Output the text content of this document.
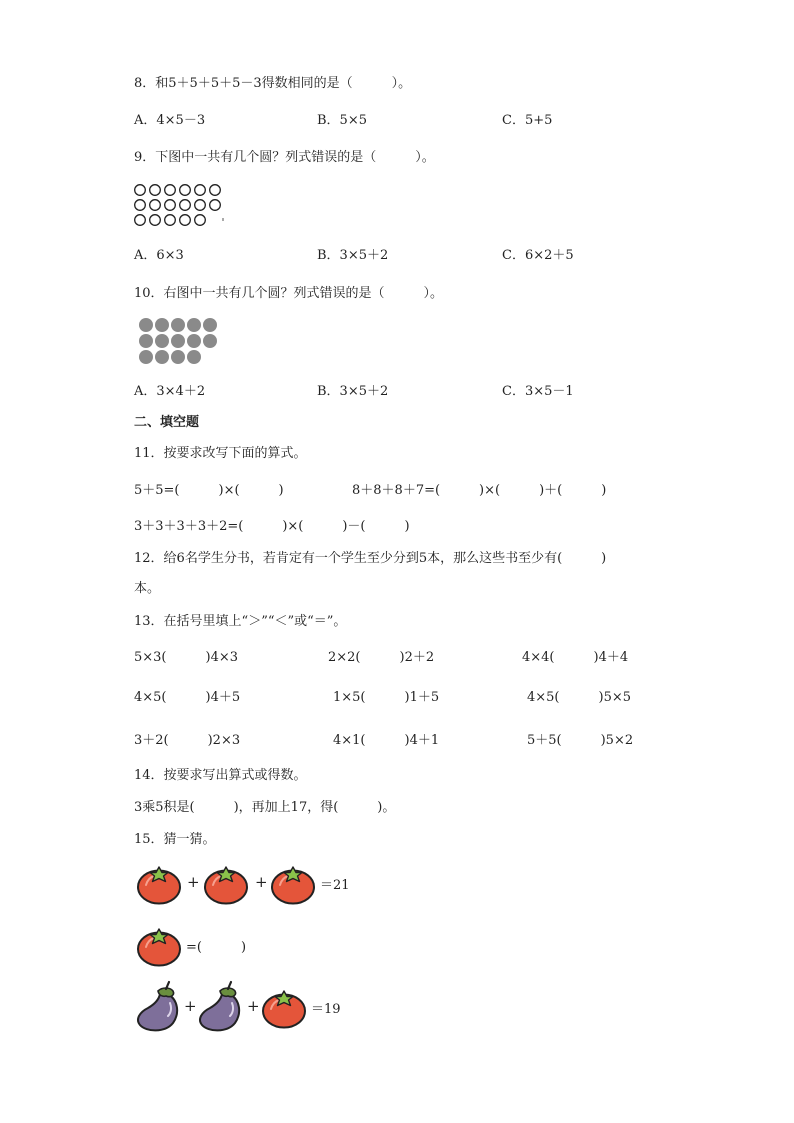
8．和5＋5＋5＋5－3得数相同的是（　　　）。
A．4×5－3	B．5×5	C．5+5
9．下图中一共有几个圆？列式错误的是（　　　）。
A．6×3	B．3×5＋2	C．6×2＋5
10．右图中一共有几个圆？列式错误的是（　　　）。
A．3×4＋2	B．3×5＋2	C．3×5－1
二、填空题
11．按要求改写下面的算式。
5＋5=(　　　)×(　　　)	8＋8＋8＋7=(　　　)×(　　　)＋(　　　)
3＋3＋3＋3＋2=(　　　)×(　　　)－(　　　)
12．给6名学生分书，若肯定有一个学生至少分到5本，那么这些书至少有(　　　)
本。
13．在括号里填上“＞”“＜”或“＝”。
5×3(　　　)4×3	2×2(　　　)2＋2	4×4(　　　)4＋4
4×5(　　　)4＋5	1×5(　　　)1＋5	4×5(　　　)5×5
3＋2(　　　)2×3	4×1(　　　)4＋1	5＋5(　　　)5×2
14．按要求写出算式或得数。
3乘5积是(　　　)，再加上17，得(　　　)。
15．猜一猜。
+	+	＝21
=(　　　)
+	+	＝19
